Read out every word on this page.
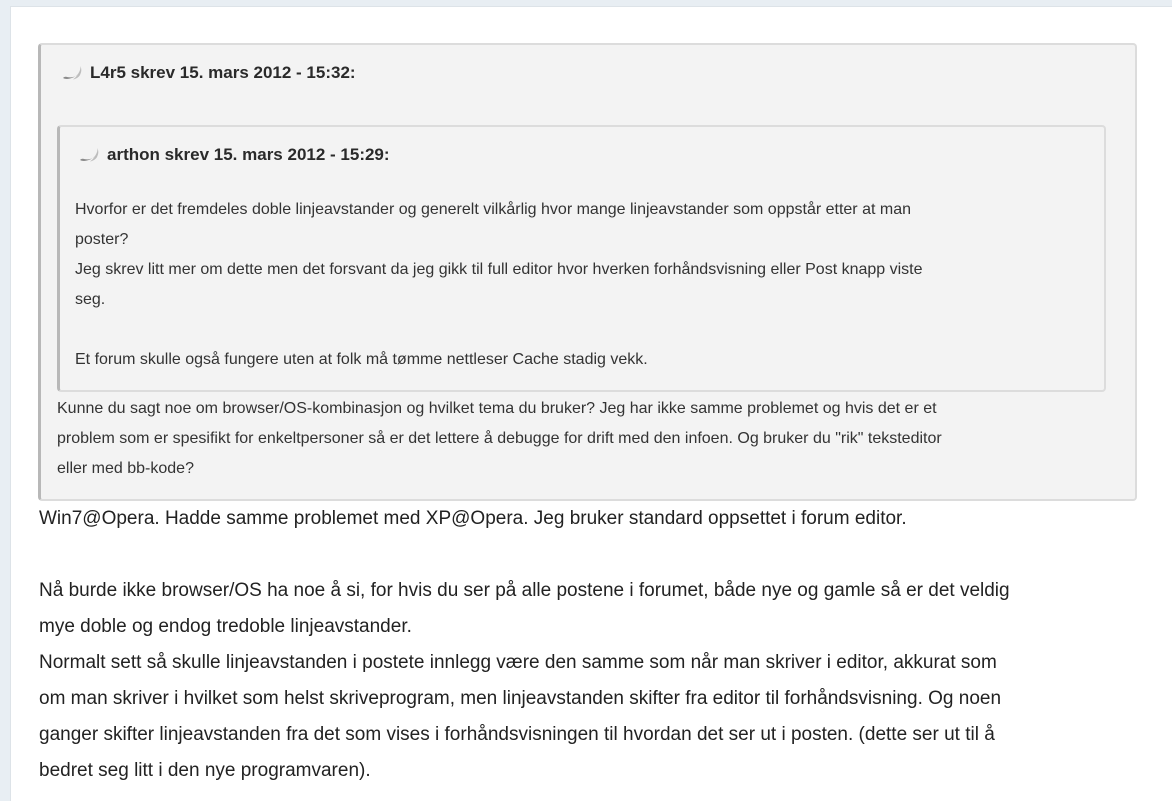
L4r5 skrev 15. mars 2012 - 15:32:
arthon skrev 15. mars 2012 - 15:29:

Hvorfor er det fremdeles doble linjeavstander og generelt vilkårlig hvor mange linjeavstander som oppstår etter at man

poster?

Jeg skrev litt mer om dette men det forsvant da jeg gikk til full editor hvor hverken forhåndsvisning eller Post knapp viste

seg.

Et forum skulle også fungere uten at folk må tømme nettleser Cache stadig vekk.

Kunne du sagt noe om browser/OS-kombinasjon og hvilket tema du bruker? Jeg har ikke samme problemet og hvis det er et

problem som er spesifikt for enkeltpersoner så er det lettere å debugge for drift med den infoen. Og bruker du "rik" teksteditor

eller med bb-kode?

Win7@Opera. Hadde samme problemet med XP@Opera. Jeg bruker standard oppsettet i forum editor.

Nå burde ikke browser/OS ha noe å si, for hvis du ser på alle postene i forumet, både nye og gamle så er det veldig

mye doble og endog tredoble linjeavstander.

Normalt sett så skulle linjeavstanden i postete innlegg være den samme som når man skriver i editor, akkurat som

om man skriver i hvilket som helst skriveprogram, men linjeavstanden skifter fra editor til forhåndsvisning. Og noen

ganger skifter linjeavstanden fra det som vises i forhåndsvisningen til hvordan det ser ut i posten. (dette ser ut til å

bedret seg litt i den nye programvaren).
